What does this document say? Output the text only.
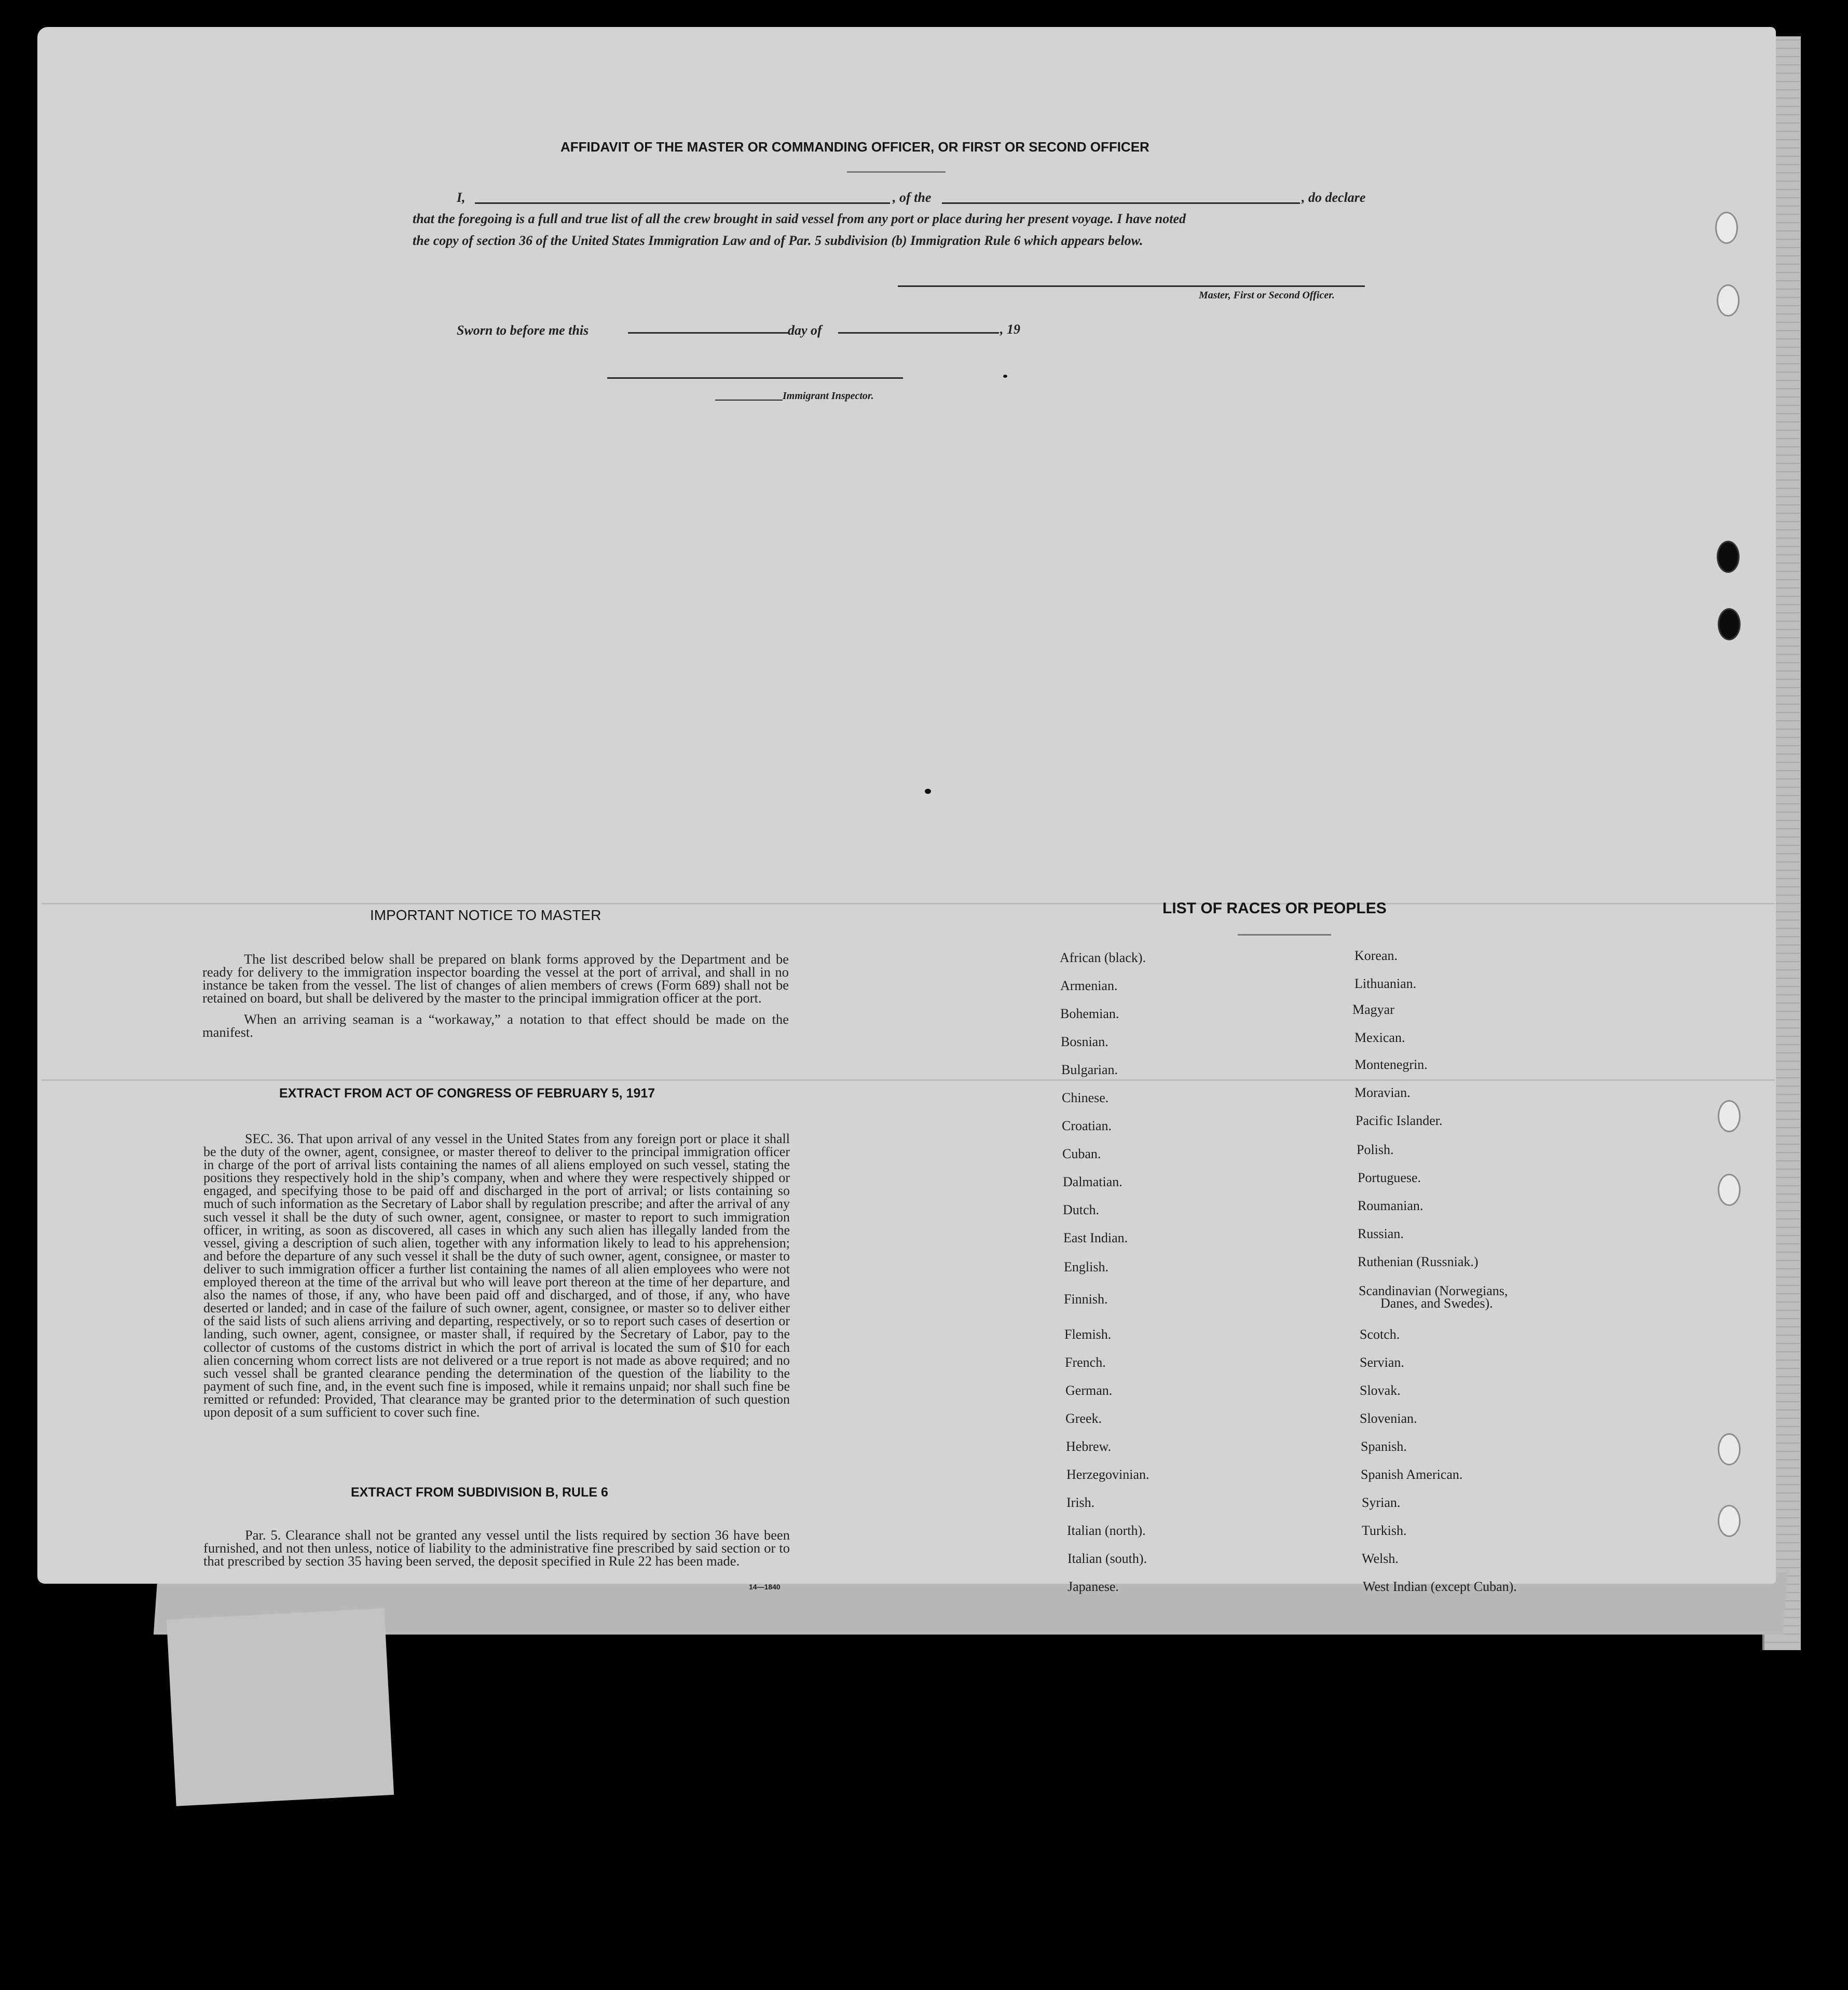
AFFIDAVIT OF THE MASTER OR COMMANDING OFFICER, OR FIRST OR SECOND OFFICER
I,	, of the	, do declare
that the foregoing is a full and true list of all the crew brought in said vessel from any port or place during her present voyage. I have noted
the copy of section 36 of the United States Immigration Law and of Par. 5 subdivision (b) Immigration Rule 6 which appears below.
Master, First or Second Officer.
Sworn to before me this	day of	, 19
Immigrant Inspector.
IMPORTANT NOTICE TO MASTER

The list described below shall be prepared on blank forms approved by the Department and be ready for delivery to the immigration inspector boarding the vessel at the port of arrival, and shall in no instance be taken from the vessel. The list of changes of alien members of crews (Form 689) shall not be retained on board, but shall be delivered by the master to the principal immigration officer at the port.

When an arriving seaman is a “workaway,” a notation to that effect should be made on the manifest.

EXTRACT FROM ACT OF CONGRESS OF FEBRUARY 5, 1917

SEC. 36. That upon arrival of any vessel in the United States from any foreign port or place it shall be the duty of the owner, agent, consignee, or master thereof to deliver to the principal immigration officer in charge of the port of arrival lists containing the names of all aliens employed on such vessel, stating the positions they respectively hold in the ship’s company, when and where they were respectively shipped or engaged, and specifying those to be paid off and discharged in the port of arrival; or lists containing so much of such information as the Secretary of Labor shall by regulation prescribe; and after the arrival of any such vessel it shall be the duty of such owner, agent, consignee, or master to report to such immigration officer, in writing, as soon as discovered, all cases in which any such alien has illegally landed from the vessel, giving a description of such alien, together with any information likely to lead to his apprehension; and before the departure of any such vessel it shall be the duty of such owner, agent, consignee, or master to deliver to such immigration officer a further list containing the names of all alien employees who were not employed thereon at the time of the arrival but who will leave port thereon at the time of her departure, and also the names of those, if any, who have been paid off and discharged, and of those, if any, who have deserted or landed; and in case of the failure of such owner, agent, consignee, or master so to deliver either of the said lists of such aliens arriving and departing, respectively, or so to report such cases of desertion or landing, such owner, agent, consignee, or master shall, if required by the Secretary of Labor, pay to the collector of customs of the customs district in which the port of arrival is located the sum of $10 for each alien concerning whom correct lists are not delivered or a true report is not made as above required; and no such vessel shall be granted clearance pending the determination of the question of the liability to the payment of such fine, and, in the event such fine is imposed, while it remains unpaid; nor shall such fine be remitted or refunded: Provided, That clearance may be granted prior to the determination of such question upon deposit of a sum sufficient to cover such fine.

EXTRACT FROM SUBDIVISION B, RULE 6

Par. 5. Clearance shall not be granted any vessel until the lists required by section 36 have been furnished, and not then unless, notice of liability to the administrative fine prescribed by said section or to that prescribed by section 35 having been served, the deposit specified in Rule 22 has been made.

14—1840
LIST OF RACES OR PEOPLES
African (black).
Armenian.
Bohemian.
Bosnian.
Bulgarian.
Chinese.
Croatian.
Cuban.
Dalmatian.
Dutch.
East Indian.
English.
Finnish.
Flemish.
French.
German.
Greek.
Hebrew.
Herzegovinian.
Irish.
Italian (north).
Italian (south).
Japanese.
Korean.
Lithuanian.
Magyar
Mexican.
Montenegrin.
Moravian.
Pacific Islander.
Polish.
Portuguese.
Roumanian.
Russian.
Ruthenian (Russniak.)
Scandinavian (Norwegians,
Danes, and Swedes).
Scotch.
Servian.
Slovak.
Slovenian.
Spanish.
Spanish American.
Syrian.
Turkish.
Welsh.
West Indian (except Cuban).
